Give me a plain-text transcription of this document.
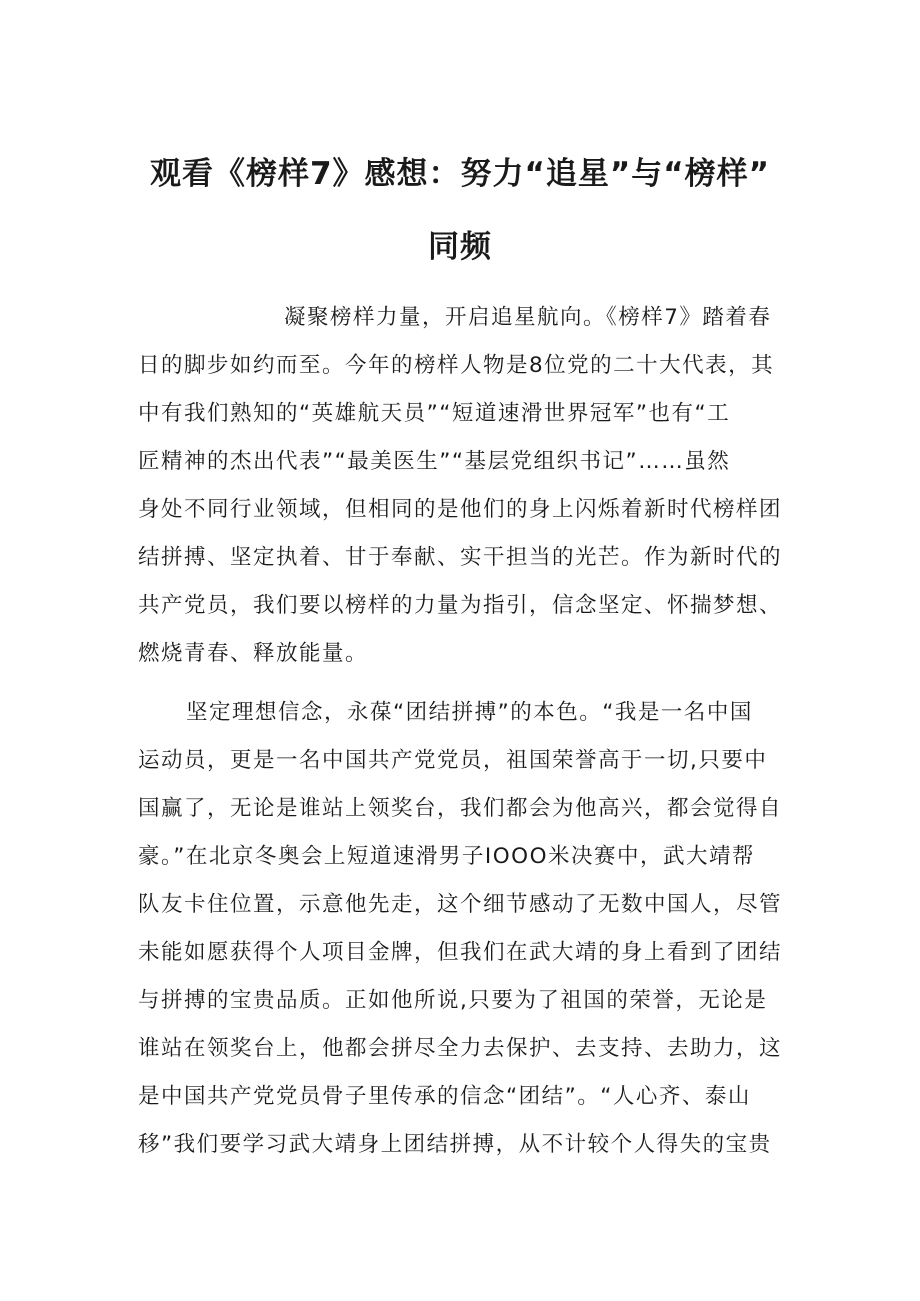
观看《榜样7》感想：努力“追星”与“榜样”
同频

凝聚榜样力量，开启追星航向。《榜样7》踏着春

日的脚步如约而至。今年的榜样人物是8位党的二十大代表，其

中有我们熟知的“英雄航天员”“短道速滑世界冠军”也有“工

匠精神的杰出代表”“最美医生”“基层党组织书记”……虽然

身处不同行业领域，但相同的是他们的身上闪烁着新时代榜样团

结拼搏、坚定执着、甘于奉献、实干担当的光芒。作为新时代的

共产党员，我们要以榜样的力量为指引，信念坚定、怀揣梦想、

燃烧青春、释放能量。

坚定理想信念，永葆“团结拼搏”的本色。“我是一名中国

运动员，更是一名中国共产党党员，祖国荣誉高于一切,只要中

国赢了，无论是谁站上领奖台，我们都会为他高兴，都会觉得自

豪。”在北京冬奥会上短道速滑男子IOOO米决赛中，武大靖帮

队友卡住位置，示意他先走，这个细节感动了无数中国人，尽管

未能如愿获得个人项目金牌，但我们在武大靖的身上看到了团结

与拼搏的宝贵品质。正如他所说,只要为了祖国的荣誉，无论是

谁站在领奖台上，他都会拼尽全力去保护、去支持、去助力，这

是中国共产党党员骨子里传承的信念“团结”。“人心齐、泰山

移”我们要学习武大靖身上团结拼搏，从不计较个人得失的宝贵
